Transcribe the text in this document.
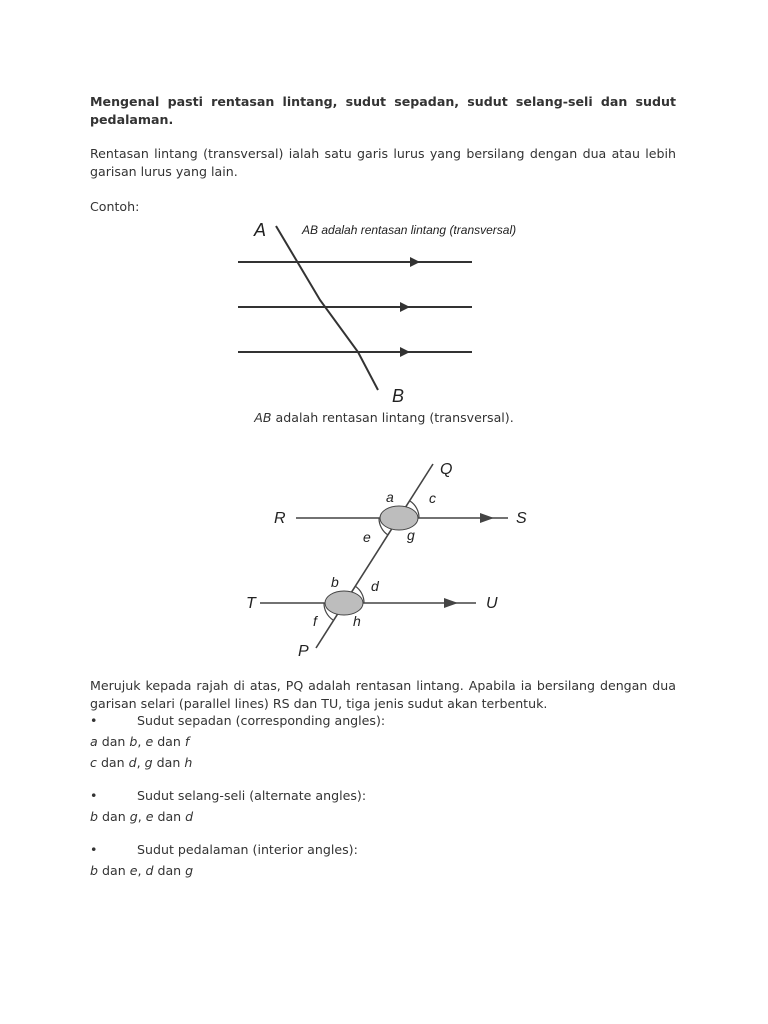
Mengenal pasti rentasan lintang, sudut sepadan, sudut selang-seli dan sudut pedalaman.
Rentasan lintang (transversal) ialah satu garis lurus yang bersilang dengan dua atau lebih garisan lurus yang lain.
Contoh:
A
B
AB adalah rentasan lintang (transversal)
AB adalah rentasan lintang (transversal).
Q
R	S
T	U
P
a	c
e	g
b d
f	h
Merujuk kepada rajah di atas, PQ adalah rentasan lintang. Apabila ia bersilang dengan dua garisan selari (parallel lines) RS dan TU, tiga jenis sudut akan terbentuk.
•	Sudut sepadan (corresponding angles):
a dan b, e dan f
c dan d, g dan h
•	Sudut selang-seli (alternate angles):
b dan g, e dan d
•	Sudut pedalaman (interior angles):
b dan e, d dan g
